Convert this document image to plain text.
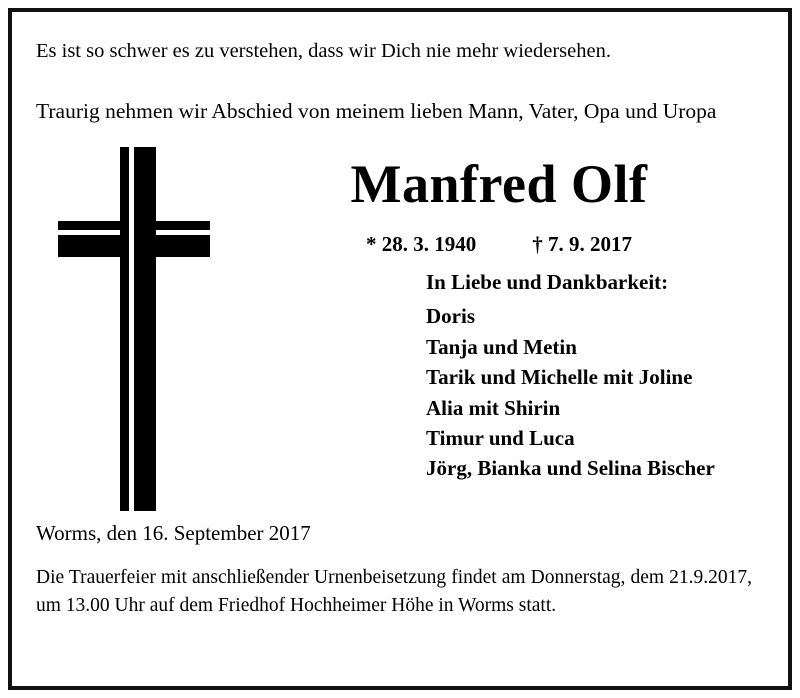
Es ist so schwer es zu verstehen, dass wir Dich nie mehr wiedersehen.

Traurig nehmen wir Abschied von meinem lieben Mann, Vater, Opa und Uropa

Manfred Olf

* 28. 3. 1940	† 7. 9. 2017

In Liebe und Dankbarkeit:

Doris

Tanja und Metin

Tarik und Michelle mit Joline

Alia mit Shirin

Timur und Luca

Jörg, Bianka und Selina Bischer

Worms, den 16. September 2017

Die Trauerfeier mit anschließender Urnenbeisetzung findet am Donnerstag, dem 21.9.2017, um 13.00 Uhr auf dem Friedhof Hochheimer Höhe in Worms statt.
